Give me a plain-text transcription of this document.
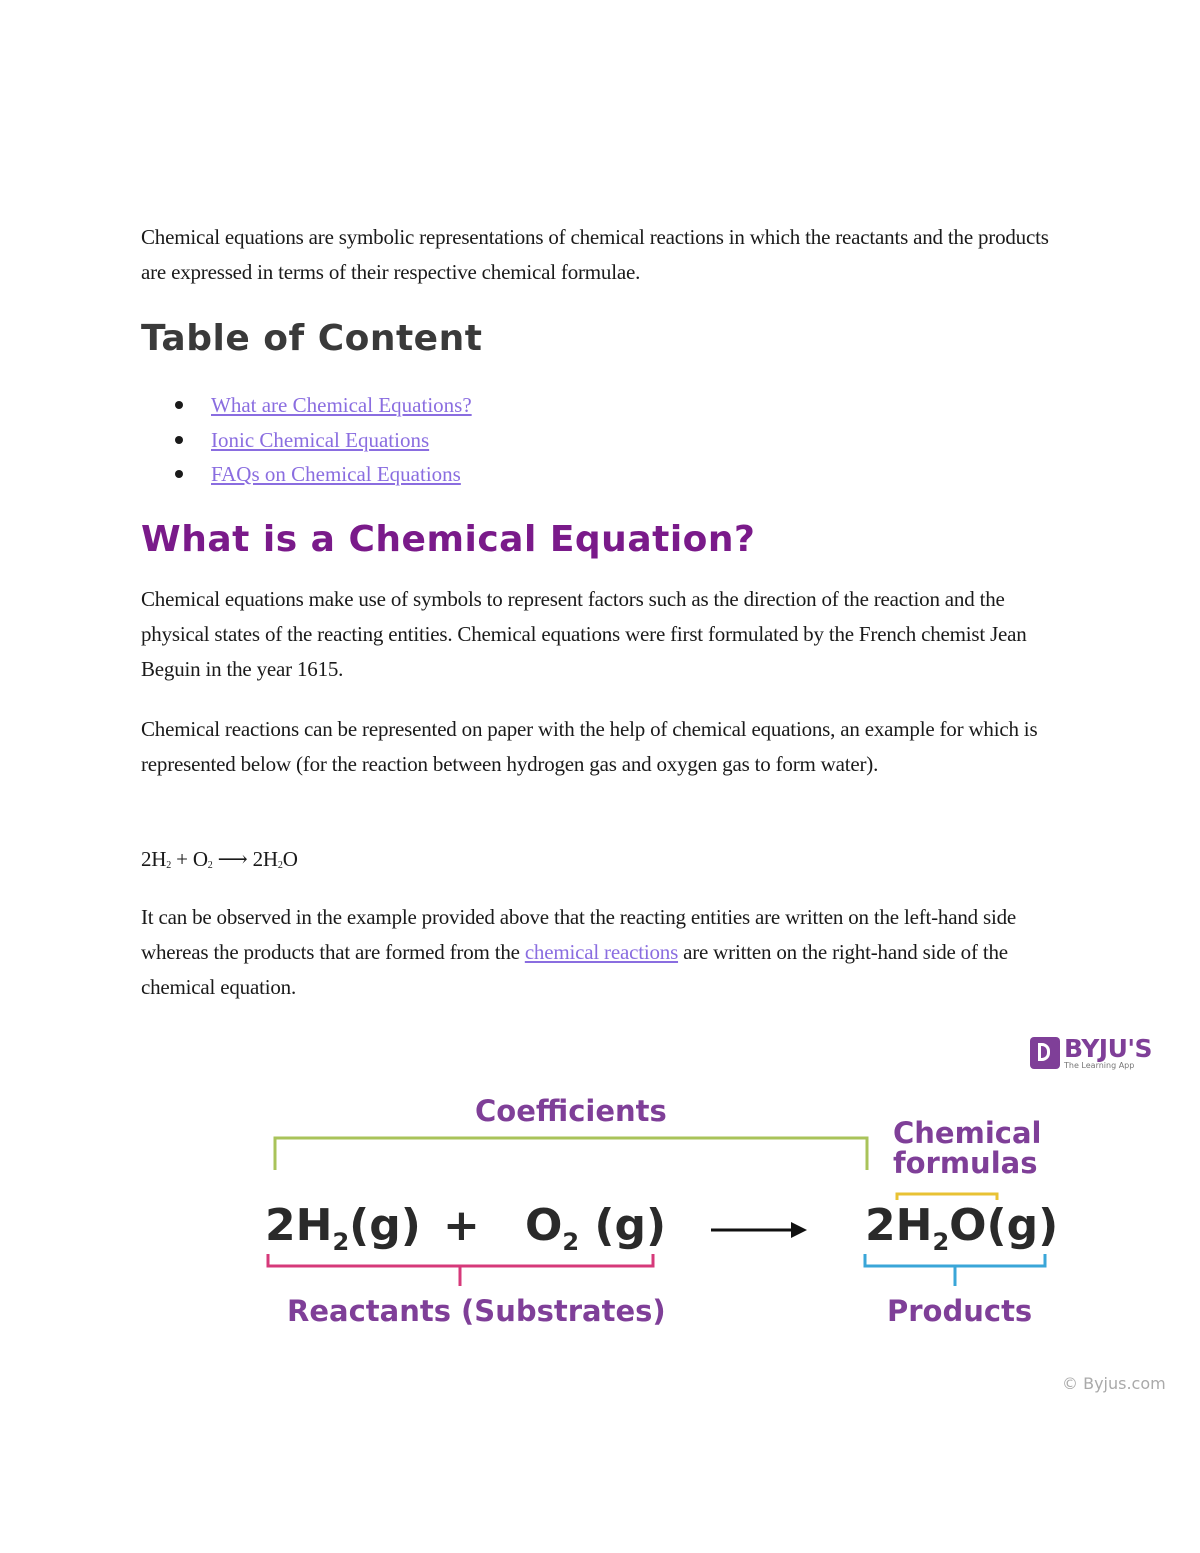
Chemical equations are symbolic representations of chemical reactions in which the reactants and the products are expressed in terms of their respective chemical formulae.

Table of Content
What are Chemical Equations?
Ionic Chemical Equations
FAQs on Chemical Equations
What is a Chemical Equation?

Chemical equations make use of symbols to represent factors such as the direction of the reaction and the physical states of the reacting entities. Chemical equations were first formulated by the French chemist Jean Beguin in the year 1615.

Chemical reactions can be represented on paper with the help of chemical equations, an example for which is represented below (for the reaction between hydrogen gas and oxygen gas to form water).

$2H_2 + O_2$ ⟶ $2H_2O$

It can be observed in the example provided above that the reacting entities are written on the left-hand side whereas the products that are formed from the chemical reactions are written on the right-hand side of the chemical equation.

BYJU'S
The Learning App

Coefficients

Chemical
formulas

$2H_2(g) + O_2$ (g)	$2H_2O(g)$

Reactants (Substrates)	Products

© Byjus.com
